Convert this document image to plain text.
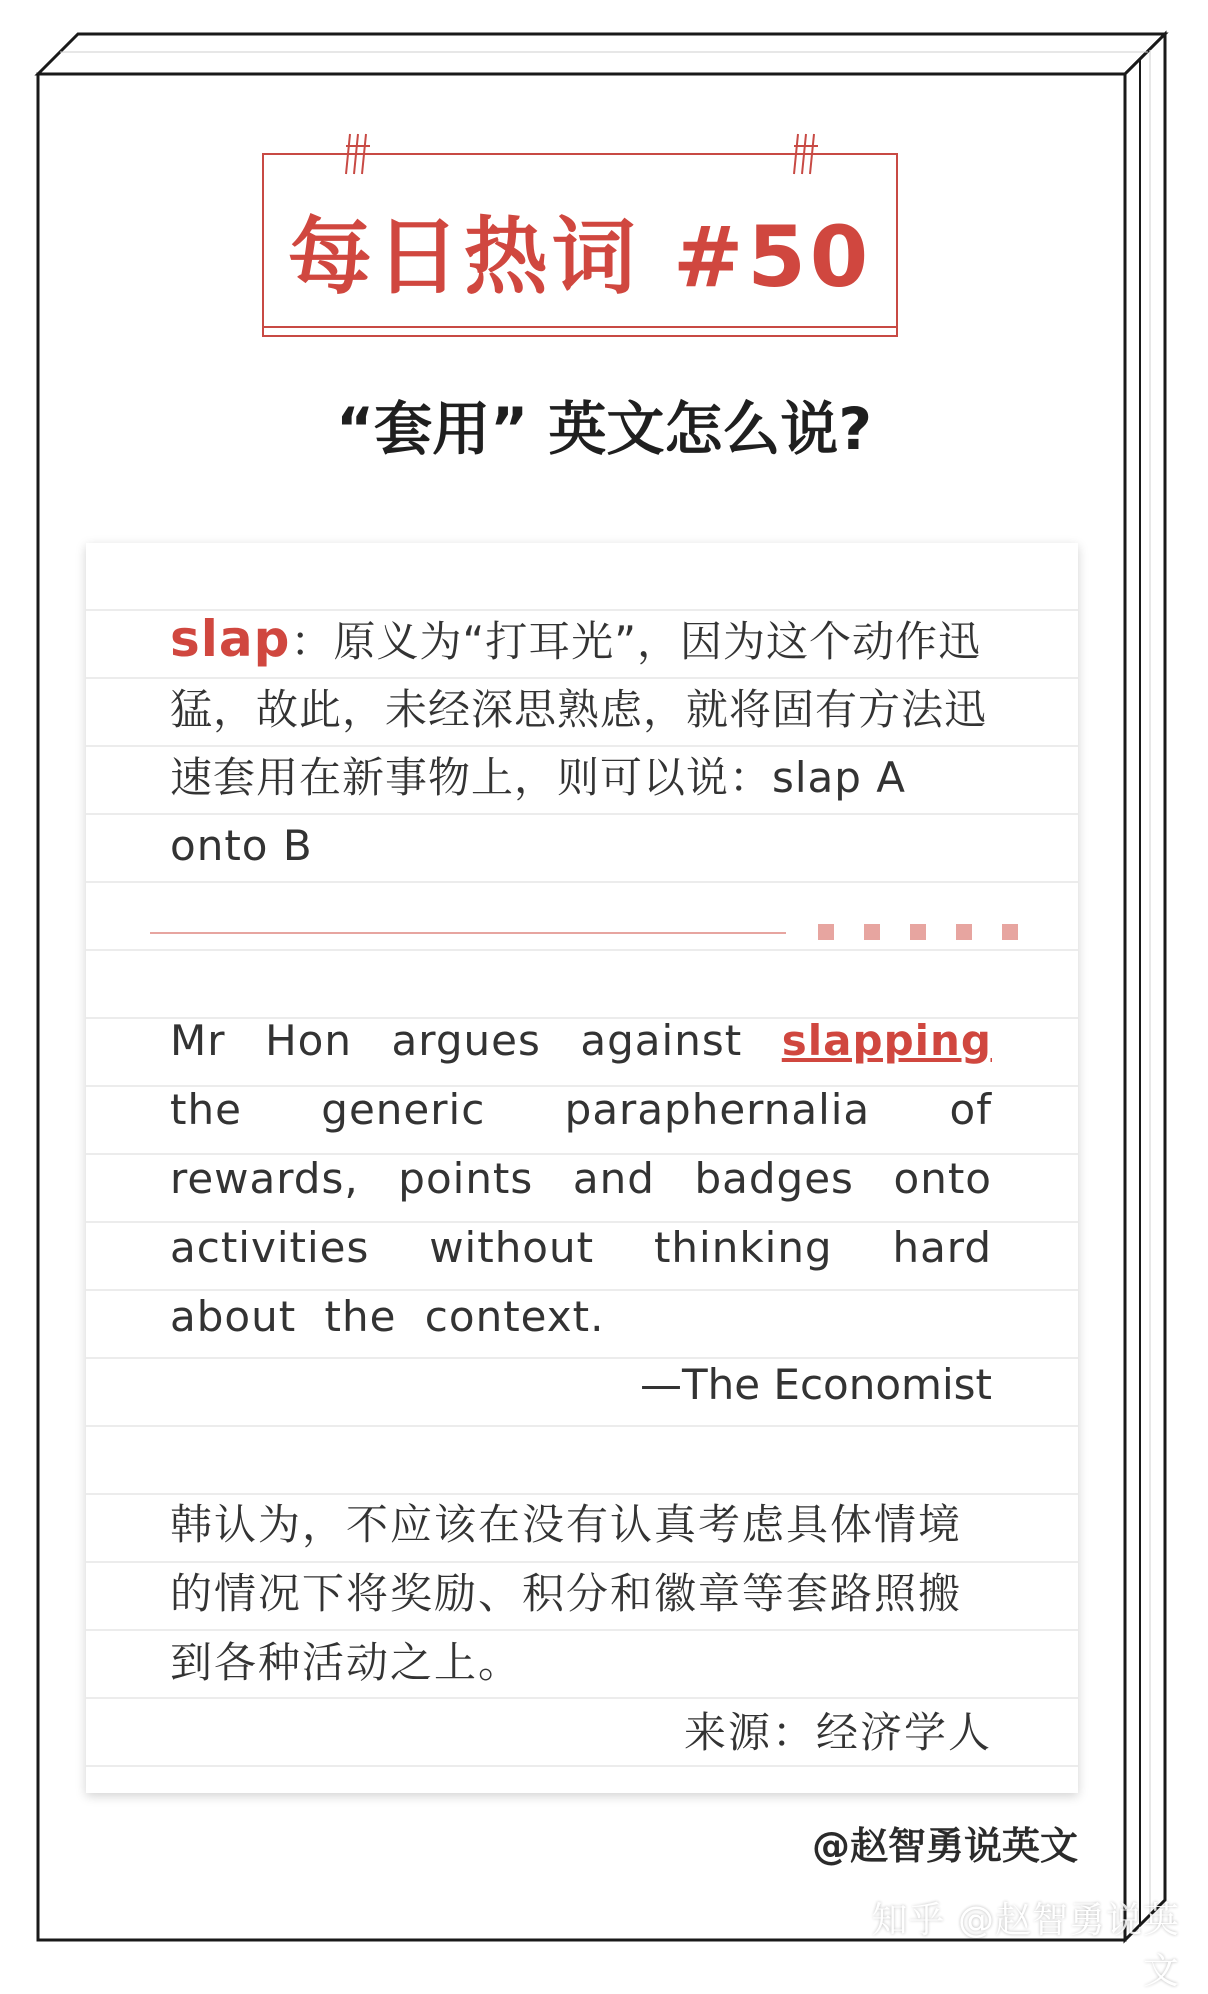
每日热词 #50
“套用” 英文怎么说?
slap：原义为“打耳光”，因为这个动作迅猛，故此，未经深思熟虑，就将固有方法迅速套用在新事物上，则可以说：slap A onto B
Mr Hon argues against slapping the generic paraphernalia of rewards, points and badges onto activities without thinking hard about the context.
—The Economist
韩认为，不应该在没有认真考虑具体情境的情况下将奖励、积分和徽章等套路照搬到各种活动之上。
来源：经济学人
@赵智勇说英文
知乎 @赵智勇说英文
